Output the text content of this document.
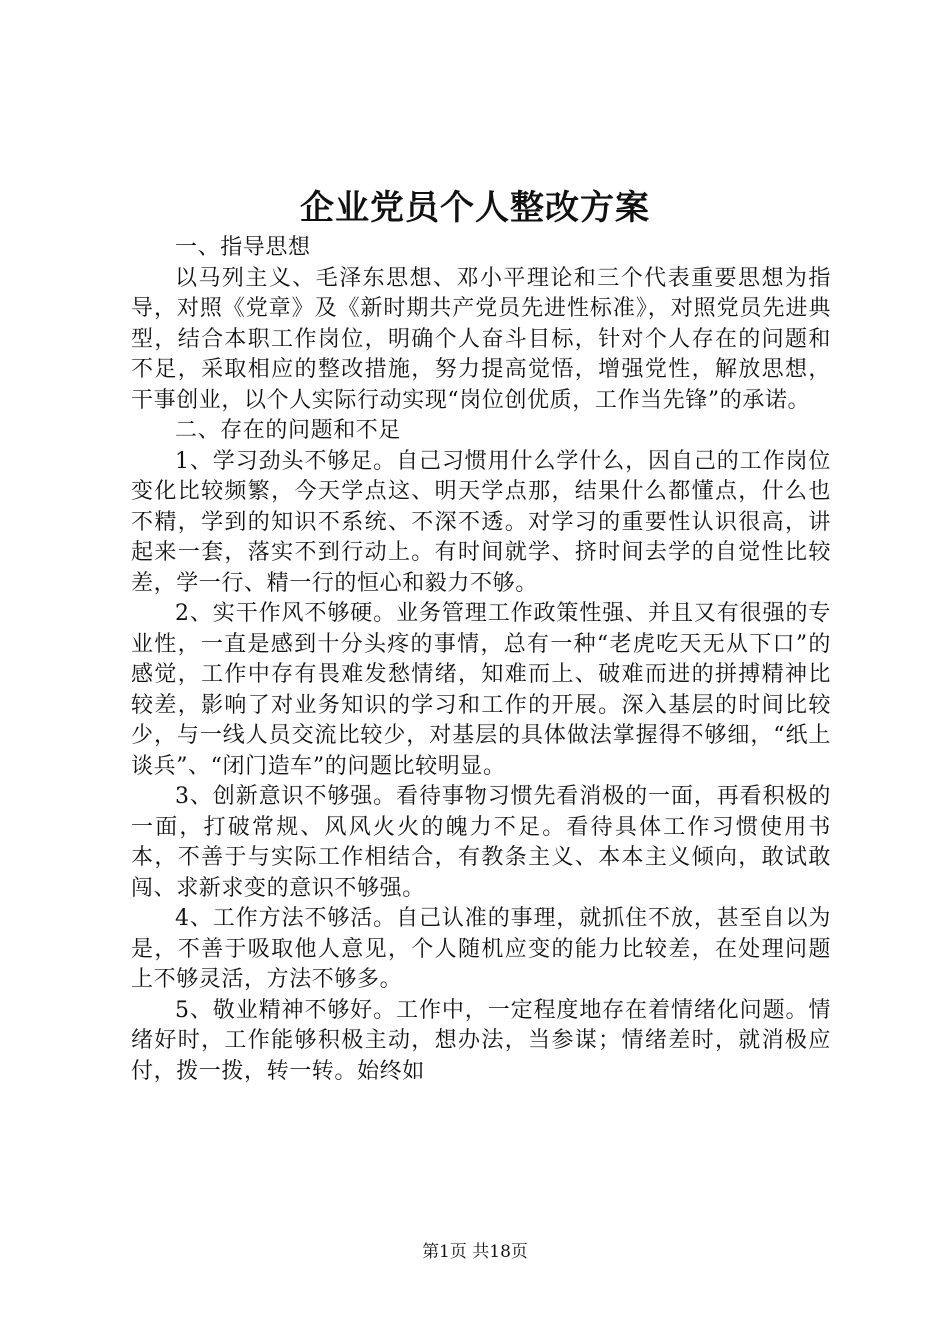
企业党员个人整改方案

一、指导思想

以马列主义、毛泽东思想、邓小平理论和三个代表重要思想为指导，对照《党章》及《新时期共产党员先进性标准》，对照党员先进典型，结合本职工作岗位，明确个人奋斗目标，针对个人存在的问题和不足，采取相应的整改措施，努力提高觉悟，增强党性，解放思想，干事创业，以个人实际行动实现“岗位创优质，工作当先锋”的承诺。

二、存在的问题和不足

1、学习劲头不够足。自己习惯用什么学什么，因自己的工作岗位变化比较频繁，今天学点这、明天学点那，结果什么都懂点，什么也不精，学到的知识不系统、不深不透。对学习的重要性认识很高，讲起来一套，落实不到行动上。有时间就学、挤时间去学的自觉性比较差，学一行、精一行的恒心和毅力不够。

2、实干作风不够硬。业务管理工作政策性强、并且又有很强的专业性，一直是感到十分头疼的事情，总有一种“老虎吃天无从下口”的感觉，工作中存有畏难发愁情绪，知难而上、破难而进的拼搏精神比较差，影响了对业务知识的学习和工作的开展。深入基层的时间比较少，与一线人员交流比较少，对基层的具体做法掌握得不够细，“纸上谈兵”、“闭门造车”的问题比较明显。

3、创新意识不够强。看待事物习惯先看消极的一面，再看积极的一面，打破常规、风风火火的魄力不足。看待具体工作习惯使用书本，不善于与实际工作相结合，有教条主义、本本主义倾向，敢试敢闯、求新求变的意识不够强。

4、工作方法不够活。自己认准的事理，就抓住不放，甚至自以为是，不善于吸取他人意见，个人随机应变的能力比较差，在处理问题上不够灵活，方法不够多。

5、敬业精神不够好。工作中，一定程度地存在着情绪化问题。情绪好时，工作能够积极主动，想办法，当参谋；情绪差时，就消极应付，拨一拨，转一转。始终如

第1页 共18页
